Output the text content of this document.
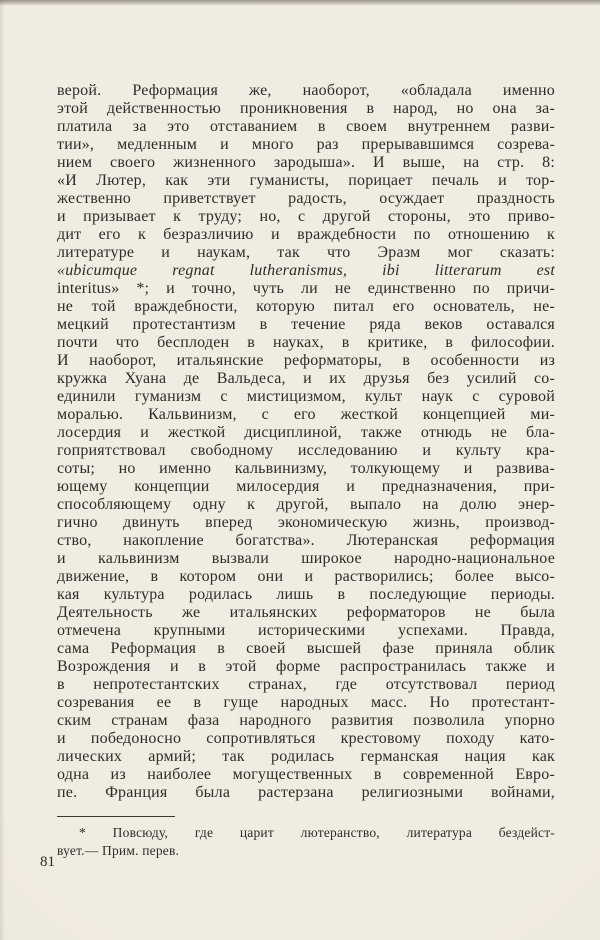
верой. Реформация же, наоборот, «обладала именно
этой действенностью проникновения в народ, но она за-
платила за это отставанием в своем внутреннем разви-
тии», медленным и много раз прерывавшимся созрева-
нием своего жизненного зародыша». И выше, на стр. 8:
«И Лютер, как эти гуманисты, порицает печаль и тор-
жественно приветствует радость, осуждает праздность
и призывает к труду; но, с другой стороны, это приво-
дит его к безразличию и враждебности по отношению к
литературе и наукам, так что Эразм мог сказать:
«ubicumque regnat lutheranismus, ibi litterarum est
interitus» *; и точно, чуть ли не единственно по причи-
не той враждебности, которую питал его основатель, не-
мецкий протестантизм в течение ряда веков оставался
почти что бесплоден в науках, в критике, в философии.
И наоборот, итальянские реформаторы, в особенности из
кружка Хуана де Вальдеса, и их друзья без усилий со-
единили гуманизм с мистицизмом, культ наук с суровой
моралью. Кальвинизм, с его жесткой концепцией ми-
лосердия и жесткой дисциплиной, также отнюдь не бла-
гоприятствовал свободному исследованию и культу кра-
соты; но именно кальвинизму, толкующему и развива-
ющему концепции милосердия и предназначения, при-
способляющему одну к другой, выпало на долю энер-
гично двинуть вперед экономическую жизнь, производ-
ство, накопление богатства». Лютеранская реформация
и кальвинизм вызвали широкое народно-национальное
движение, в котором они и растворились; более высо-
кая культура родилась лишь в последующие периоды.
Деятельность же итальянских реформаторов не была
отмечена крупными историческими успехами. Правда,
сама Реформация в своей высшей фазе приняла облик
Возрождения и в этой форме распространилась также и
в непротестантских странах, где отсутствовал период
созревания ее в гуще народных масс. Но протестант-
ским странам фаза народного развития позволила упорно
и победоносно сопротивляться крестовому походу като-
лических армий; так родилась германская нация как
одна из наиболее могущественных в современной Евро-
пе. Франция была растерзана религиозными войнами,
* Повсюду, где царит лютеранство, литература бездейст-
вует.— Прим. перев.
81
